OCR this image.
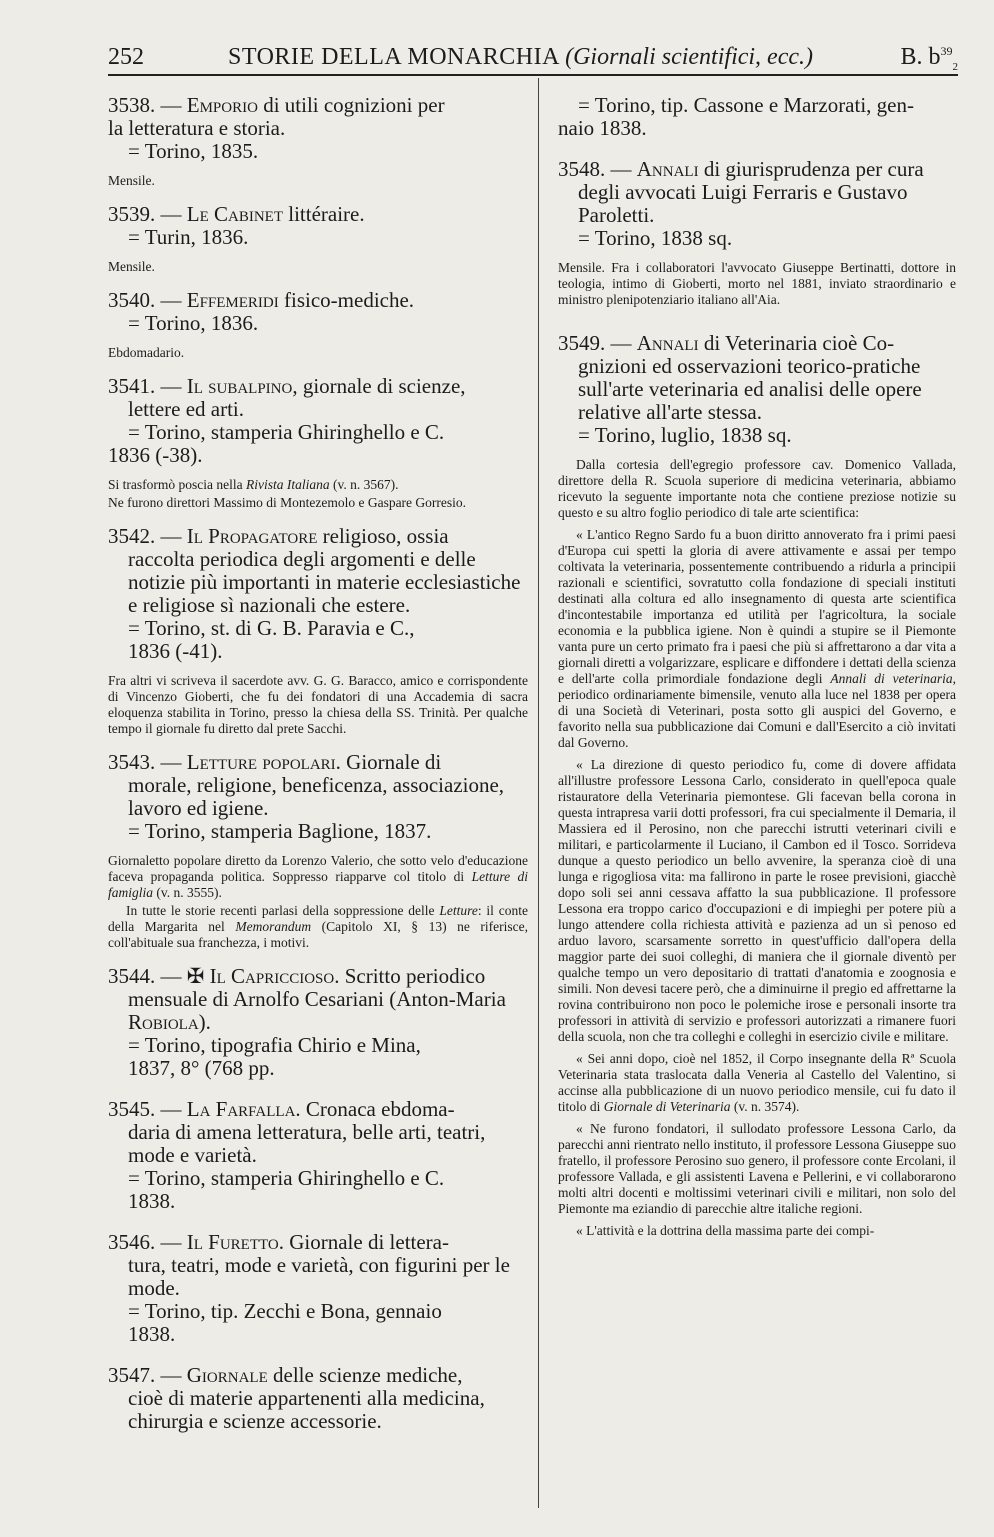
252	STORIE DELLA MONARCHIA (Giornali scientifici, ecc.)	B. $b^{39}_2$

3538. — Emporio di utili cognizioni per

la letteratura e storia.

= Torino, 1835.

Mensile.

3539. — Le Cabinet littéraire.

= Turin, 1836.

Mensile.

3540. — Effemeridi fisico-mediche.

= Torino, 1836.

Ebdomadario.

3541. — Il subalpino, giornale di scienze,

lettere ed arti.

= Torino, stamperia Ghiringhello e C.

1836 (-38).

Si trasformò poscia nella Rivista Italiana (v. n. 3567).

Ne furono direttori Massimo di Montezemolo e Gaspare Gorresio.

3542. — Il Propagatore religioso, ossia

raccolta periodica degli argomenti e delle notizie più importanti in materie ecclesiastiche e religiose sì nazionali che estere.

= Torino, st. di G. B. Paravia e C.,

1836 (-41).

Fra altri vi scriveva il sacerdote avv. G. G. Baracco, amico e corrispondente di Vincenzo Gioberti, che fu dei fondatori di una Accademia di sacra eloquenza stabilita in Torino, presso la chiesa della SS. Trinità. Per qualche tempo il giornale fu diretto dal prete Sacchi.

3543. — Letture popolari. Giornale di

morale, religione, beneficenza, associazione, lavoro ed igiene.

= Torino, stamperia Baglione, 1837.

Giornaletto popolare diretto da Lorenzo Valerio, che sotto velo d'educazione faceva propaganda politica. Soppresso riapparve col titolo di Letture di famiglia (v. n. 3555).

In tutte le storie recenti parlasi della soppressione delle Letture: il conte della Margarita nel Memorandum (Capitolo XI, § 13) ne riferisce, coll'abituale sua franchezza, i motivi.

3544. — ✠ Il Capriccioso. Scritto periodico

mensuale di Arnolfo Cesariani (Anton-Maria Robiola).

= Torino, tipografia Chirio e Mina,

1837, 8° (768 pp.

3545. — La Farfalla. Cronaca ebdoma-

daria di amena letteratura, belle arti, teatri, mode e varietà.

= Torino, stamperia Ghiringhello e C.

1838.

3546. — Il Furetto. Giornale di lettera-

tura, teatri, mode e varietà, con figurini per le mode.

= Torino, tip. Zecchi e Bona, gennaio

1838.

3547. — Giornale delle scienze mediche,

cioè di materie appartenenti alla medicina, chirurgia e scienze accessorie.

= Torino, tip. Cassone e Marzorati, gen-

naio 1838.

3548. — Annali di giurisprudenza per cura

degli avvocati Luigi Ferraris e Gustavo Paroletti.

= Torino, 1838 sq.

Mensile. Fra i collaboratori l'avvocato Giuseppe Bertinatti, dottore in teologia, intimo di Gioberti, morto nel 1881, inviato straordinario e ministro plenipotenziario italiano all'Aia.

3549. — Annali di Veterinaria cioè Co-

gnizioni ed osservazioni teorico-pratiche sull'arte veterinaria ed analisi delle opere relative all'arte stessa.

= Torino, luglio, 1838 sq.

Dalla cortesia dell'egregio professore cav. Domenico Vallada, direttore della R. Scuola superiore di medicina veterinaria, abbiamo ricevuto la seguente importante nota che contiene preziose notizie su questo e su altro foglio periodico di tale arte scientifica:

« L'antico Regno Sardo fu a buon diritto annoverato fra i primi paesi d'Europa cui spetti la gloria di avere attivamente e assai per tempo coltivata la veterinaria, possentemente contribuendo a ridurla a principii razionali e scientifici, sovratutto colla fondazione di speciali instituti destinati alla coltura ed allo insegnamento di questa arte scientifica d'incontestabile importanza ed utilità per l'agricoltura, la sociale economia e la pubblica igiene. Non è quindi a stupire se il Piemonte vanta pure un certo primato fra i paesi che più si affrettarono a dar vita a giornali diretti a volgarizzare, esplicare e diffondere i dettati della scienza e dell'arte colla primordiale fondazione degli Annali di veterinaria, periodico ordinariamente bimensile, venuto alla luce nel 1838 per opera di una Società di Veterinari, posta sotto gli auspici del Governo, e favorito nella sua pubblicazione dai Comuni e dall'Esercito a ciò invitati dal Governo.

« La direzione di questo periodico fu, come di dovere affidata all'illustre professore Lessona Carlo, considerato in quell'epoca quale ristauratore della Veterinaria piemontese. Gli facevan bella corona in questa intrapresa varii dotti professori, fra cui specialmente il Demaria, il Massiera ed il Perosino, non che parecchi istrutti veterinari civili e militari, e particolarmente il Luciano, il Cambon ed il Tosco. Sorrideva dunque a questo periodico un bello avvenire, la speranza cioè di una lunga e rigogliosa vita: ma fallirono in parte le rosee previsioni, giacchè dopo soli sei anni cessava affatto la sua pubblicazione. Il professore Lessona era troppo carico d'occupazioni e di impieghi per potere più a lungo attendere colla richiesta attività e pazienza ad un sì penoso ed arduo lavoro, scarsamente sorretto in quest'ufficio dall'opera della maggior parte dei suoi colleghi, di maniera che il giornale diventò per qualche tempo un vero depositario di trattati d'anatomia e zoognosia e simili. Non devesi tacere però, che a diminuirne il pregio ed affrettarne la rovina contribuirono non poco le polemiche irose e personali insorte tra professori in attività di servizio e professori autorizzati a rimanere fuori della scuola, non che tra colleghi e colleghi in esercizio civile e militare.

« Sei anni dopo, cioè nel 1852, il Corpo insegnante della Rª Scuola Veterinaria stata traslocata dalla Veneria al Castello del Valentino, si accinse alla pubblicazione di un nuovo periodico mensile, cui fu dato il titolo di Giornale di Veterinaria (v. n. 3574).

« Ne furono fondatori, il sullodato professore Lessona Carlo, da parecchi anni rientrato nello instituto, il professore Lessona Giuseppe suo fratello, il professore Perosino suo genero, il professore conte Ercolani, il professore Vallada, e gli assistenti Lavena e Pellerini, e vi collaborarono molti altri docenti e moltissimi veterinari civili e militari, non solo del Piemonte ma eziandio di parecchie altre italiche regioni.

« L'attività e la dottrina della massima parte dei compi-
